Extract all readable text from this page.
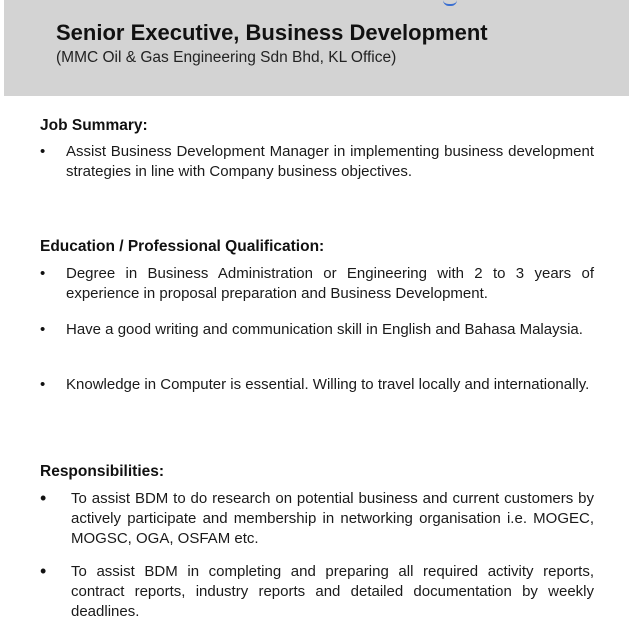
Senior Executive, Business Development
(MMC Oil & Gas Engineering Sdn Bhd, KL Office)
Job Summary:
• Assist Business Development Manager in implementing business development strategies in line with Company business objectives.
Education / Professional Qualification:
• Degree in Business Administration or Engineering with 2 to 3 years of experience in proposal preparation and Business Development.
• Have a good writing and communication skill in English and Bahasa Malaysia.
• Knowledge in Computer is essential. Willing to travel locally and internationally.
Responsibilities:
• To assist BDM to do research on potential business and current customers by actively participate and membership in networking organisation i.e. MOGEC, MOGSC, OGA, OSFAM etc.
• To assist BDM in completing and preparing all required activity reports, contract reports, industry reports and detailed documentation by weekly deadlines.
